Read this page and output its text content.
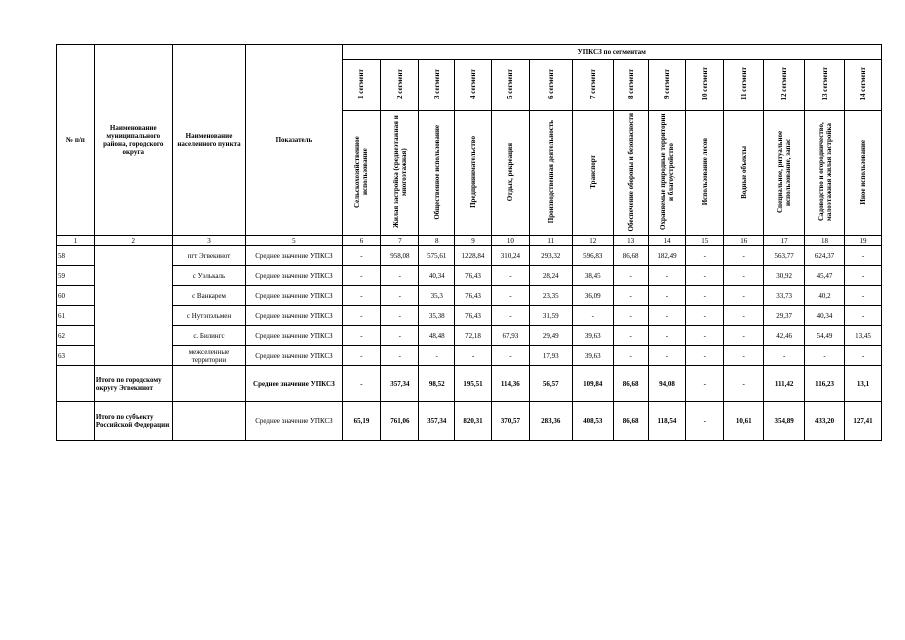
№ п/п	Наименование муниципального района, городского округа	Наименование населенного пункта	Показатель	УПКСЗ по сегментам													
				1 сегмент	2 сегмент	3 сегмент	4 сегмент	5 сегмент	6 сегмент	7 сегмент	8 сегмент	9 сегмент	10 сегмент	11 сегмент	12 сегмент	13 сегмент	14 сегмент
				Сельскохозяйственное использование	Жилая застройка (среднеэтажная и многоэтажная)	Общественное использование	Предпринимательство	Отдых, рекреация	Производственная деятельность	Транспорт	Обеспечение обороны и безопасности	Охраняемые природные территории и благоустройство	Использование лесов	Водные объекты	Специальное, ритуальное использование, запас	Садоводство и огородничество, малоэтажная жилая застройка	Иное использование
1	2	3	5	6	7	8	9	10	11	12	13	14	15	16	17	18	19
58		пгт Эгвекинот	Среднее значение УПКСЗ	-	958,08	575,61	1228,84	310,24	293,32	596,83	86,68	182,49	-	-	563,77	624,37	-
59		с Уэлькаль	Среднее значение УПКСЗ	-	-	40,34	76,43	-	28,24	38,45	-	-	-	-	30,92	45,47	-
60		с Ванкарем	Среднее значение УПКСЗ	-	-	35,3	76,43	-	23,35	36,09	-	-	-	-	33,73	40,2	-
61		с Нутэпэльмен	Среднее значение УПКСЗ	-	-	35,38	76,43	-	31,59	-	-	-	-	-	29,37	40,34	-
62		с. Билингс	Среднее значение УПКСЗ	-	-	48,48	72,18	67,93	29,49	39,63	-	-	-	-	42,46	54,49	13,45
63		межселенные территории	Среднее значение УПКСЗ	-	-	-	-	-	17,93	39,63	-	-	-	-	-	-	-
	Итого по городскому округу Эгвекинот		Среднее значение УПКСЗ	-	357,34	98,52	195,51	114,36	56,57	109,84	86,68	94,08	-	-	111,42	116,23	13,1
	Итого по субъекту Российской Федерации		Среднее значение УПКСЗ	65,19	761,06	357,34	820,31	370,57	283,36	408,53	86,68	118,54	-	10,61	354,89	433,20	127,41
